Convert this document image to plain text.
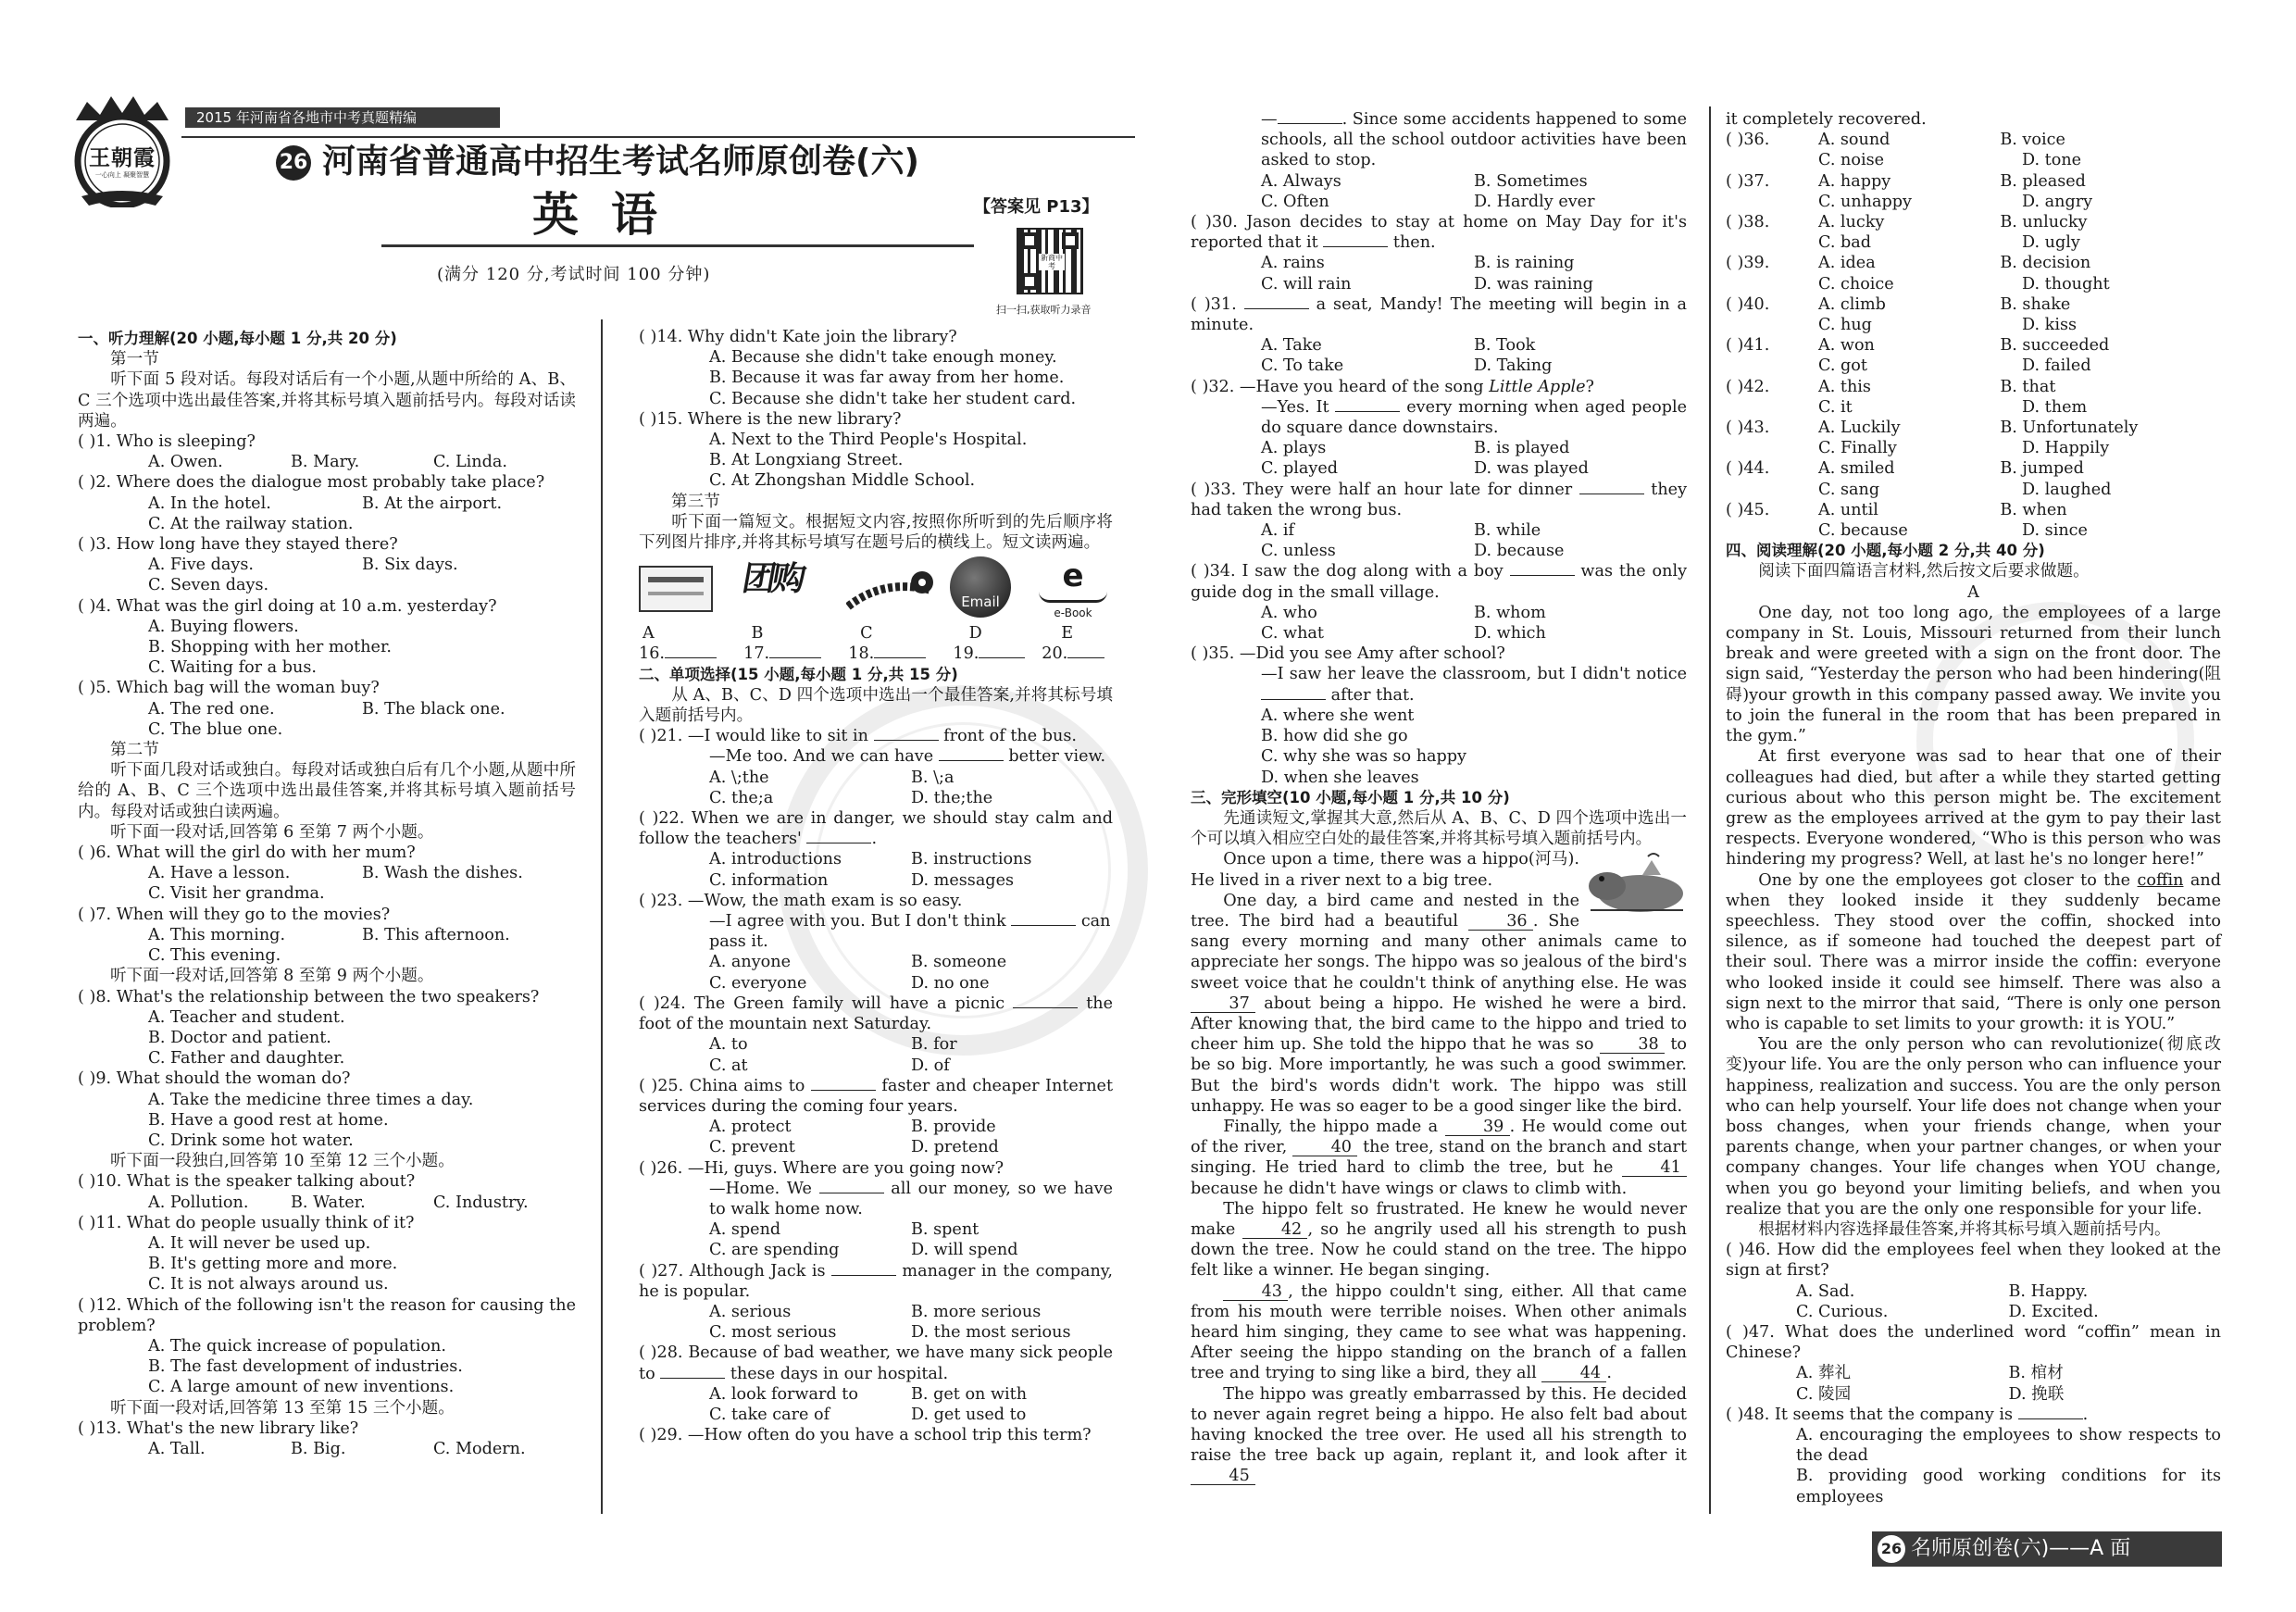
王朝霞
一心向上 凝聚智慧
2015 年河南省各地市中考真题精编
26 河南省普通高中招生考试名师原创卷(六)
英  语	【答案见 P13】
(满分 120 分,考试时间 100 分钟)
新商中考
扫一扫,获取听力录音
一、听力理解(20 小题,每小题 1 分,共 20 分)
第一节
听下面 5 段对话。每段对话后有一个小题,从题中所给的 A、B、C 三个选项中选出最佳答案,并将其标号填入题前括号内。每段对话读两遍。
( )1. Who is sleeping?
A. Owen.	B. Mary.	C. Linda.
( )2. Where does the dialogue most probably take place?
A. In the hotel.	B. At the airport.
C. At the railway station.
( )3. How long have they stayed there?
A. Five days.	B. Six days.
C. Seven days.
( )4. What was the girl doing at 10 a.m. yesterday?
A. Buying flowers.
B. Shopping with her mother.
C. Waiting for a bus.
( )5. Which bag will the woman buy?
A. The red one.	B. The black one.
C. The blue one.
第二节
听下面几段对话或独白。每段对话或独白后有几个小题,从题中所给的 A、B、C 三个选项中选出最佳答案,并将其标号填入题前括号内。每段对话或独白读两遍。
听下面一段对话,回答第 6 至第 7 两个小题。
( )6. What will the girl do with her mum?
A. Have a lesson.	B. Wash the dishes.
C. Visit her grandma.
( )7. When will they go to the movies?
A. This morning.	B. This afternoon.
C. This evening.
听下面一段对话,回答第 8 至第 9 两个小题。
( )8. What's the relationship between the two speakers?
A. Teacher and student.
B. Doctor and patient.
C. Father and daughter.
( )9. What should the woman do?
A. Take the medicine three times a day.
B. Have a good rest at home.
C. Drink some hot water.
听下面一段独白,回答第 10 至第 12 三个小题。
( )10. What is the speaker talking about?
A. Pollution.	B. Water.	C. Industry.
( )11. What do people usually think of it?
A. It will never be used up.
B. It's getting more and more.
C. It is not always around us.
( )12. Which of the following isn't the reason for causing the problem?
A. The quick increase of population.
B. The fast development of industries.
C. A large amount of new inventions.
听下面一段对话,回答第 13 至第 15 三个小题。
( )13. What's the new library like?
A. Tall.	B. Big.	C. Modern.
( )14. Why didn't Kate join the library?
A. Because she didn't take enough money.
B. Because it was far away from her home.
C. Because she didn't take her student card.
( )15. Where is the new library?
A. Next to the Third People's Hospital.
B. At Longxiang Street.
C. At Zhongshan Middle School.
第三节
听下面一篇短文。根据短文内容,按照你所听到的先后顺序将下列图片排序,并将其标号填写在题号后的横线上。短文读两遍。
团购
Email
e
e-Book
A	B	C	D	E
16.	17.	18.	19.	20.
二、单项选择(15 小题,每小题 1 分,共 15 分)
从 A、B、C、D 四个选项中选出一个最佳答案,并将其标号填入题前括号内。
( )21. —I would like to sit in	front of the bus.
—Me too. And we can have	better view.
A. \;the	B. \;a
C. the;a	D. the;the
( )22. When we are in danger, we should stay calm and follow the teachers'	.
A. introductions	B. instructions
C. information	D. messages
( )23. —Wow, the math exam is so easy.
—I agree with you. But I don't think	can pass it.
A. anyone	B. someone
C. everyone	D. no one
( )24. The Green family will have a picnic	the foot of the mountain next Saturday.
A. to	B. for
C. at	D. of
( )25. China aims to	faster and cheaper Internet services during the coming four years.
A. protect	B. provide
C. prevent	D. pretend
( )26. —Hi, guys. Where are you going now?
—Home. We	all our money, so we have to walk home now.
A. spend	B. spent
C. are spending	D. will spend
( )27. Although Jack is	manager in the company, he is popular.
A. serious	B. more serious
C. most serious	D. the most serious
( )28. Because of bad weather, we have many sick people to	these days in our hospital.
A. look forward to	B. get on with
C. take care of	D. get used to
( )29. —How often do you have a school trip this term?
—	. Since some accidents happened to some schools, all the school outdoor activities have been asked to stop.
A. Always	B. Sometimes
C. Often	D. Hardly ever
( )30. Jason decides to stay at home on May Day for it's reported that it	then.
A. rains	B. is raining
C. will rain	D. was raining
( )31.	a seat, Mandy! The meeting will begin in a minute.
A. Take	B. Took
C. To take	D. Taking
( )32. —Have you heard of the song Little Apple?
—Yes. It	every morning when aged people do square dance downstairs.
A. plays	B. is played
C. played	D. was played
( )33. They were half an hour late for dinner	they had taken the wrong bus.
A. if	B. while
C. unless	D. because
( )34. I saw the dog along with a boy	was the only guide dog in the small village.
A. who	B. whom
C. what	D. which
( )35. —Did you see Amy after school?
—I saw her leave the classroom, but I didn't notice  after that.
A. where she went
B. how did she go
C. why she was so happy
D. when she leaves
三、完形填空(10 小题,每小题 1 分,共 10 分)
先通读短文,掌握其大意,然后从 A、B、C、D 四个选项中选出一个可以填入相应空白处的最佳答案,并将其标号填入题前括号内。
Once upon a time, there was a hippo(河马). He lived in a river next to a big tree.
One day, a bird came and nested in the tree. The bird had a beautiful	36 . She sang every morning and many other animals came to appreciate her songs. The hippo was so jealous of the bird's sweet voice that he couldn't think of anything else. He was 37 about being a hippo. He wished he were a bird. After knowing that, the bird came to the hippo and tried to cheer him up. She told the hippo that he was so	38 to be so big. More importantly, he was such a good swimmer. But the bird's words didn't work. The hippo was still unhappy. He was so eager to be a good singer like the bird.
Finally, the hippo made a	39 . He would come out of the river,	40 the tree, stand on the branch and start singing. He tried hard to climb the tree, but he	41 because he didn't have wings or claws to climb with.
The hippo felt so frustrated. He knew he would never make	42 , so he angrily used all his strength to push down the tree. Now he could stand on the tree. The hippo felt like a winner. He began singing.
43 , the hippo couldn't sing, either. All that came from his mouth were terrible noises. When other animals heard him singing, they came to see what was happening. After seeing the hippo standing on the branch of a fallen tree and trying to sing like a bird, they all	44 .
The hippo was greatly embarrassed by this. He decided to never again regret being a hippo. He also felt bad about having knocked the tree over. He used all his strength to raise the tree back up again, replant it, and look after it 45
it completely recovered.
( )36.	A. sound	B. voice
C. noise	D. tone
( )37.	A. happy	B. pleased
C. unhappy	D. angry
( )38.	A. lucky	B. unlucky
C. bad	D. ugly
( )39.	A. idea	B. decision
C. choice	D. thought
( )40.	A. climb	B. shake
C. hug	D. kiss
( )41.	A. won	B. succeeded
C. got	D. failed
( )42.	A. this	B. that
C. it	D. them
( )43.	A. Luckily	B. Unfortunately
C. Finally	D. Happily
( )44.	A. smiled	B. jumped
C. sang	D. laughed
( )45.	A. until	B. when
C. because	D. since
四、阅读理解(20 小题,每小题 2 分,共 40 分)
阅读下面四篇语言材料,然后按文后要求做题。
A
One day, not too long ago, the employees of a large company in St. Louis, Missouri returned from their lunch break and were greeted with a sign on the front door. The sign said, “Yesterday the person who had been hindering(阻碍)your growth in this company passed away. We invite you to join the funeral in the room that has been prepared in the gym.”
At first everyone was sad to hear that one of their colleagues had died, but after a while they started getting curious about who this person might be. The excitement grew as the employees arrived at the gym to pay their last respects. Everyone wondered, “Who is this person who was hindering my progress? Well, at last he's no longer here!”
One by one the employees got closer to the coffin and when they looked inside it they suddenly became speechless. They stood over the coffin, shocked into silence, as if someone had touched the deepest part of their soul. There was a mirror inside the coffin: everyone who looked inside it could see himself. There was also a sign next to the mirror that said, “There is only one person who is capable to set limits to your growth: it is YOU.”
You are the only person who can revolutionize(彻底改变)your life. You are the only person who can influence your happiness, realization and success. You are the only person who can help yourself. Your life does not change when your boss changes, when your friends change, when your parents change, when your partner changes, or when your company changes. Your life changes when YOU change, when you go beyond your limiting beliefs, and when you realize that you are the only one responsible for your life.
根据材料内容选择最佳答案,并将其标号填入题前括号内。
( )46. How did the employees feel when they looked at the sign at first?
A. Sad.	B. Happy.
C. Curious.	D. Excited.
( )47. What does the underlined word “coffin” mean in Chinese?
A. 葬礼	B. 棺材
C. 陵园	D. 挽联
( )48. It seems that the company is	.
A. encouraging the employees to show respects to the dead
B. providing good working conditions for its employees
26 名师原创卷(六)——A 面
